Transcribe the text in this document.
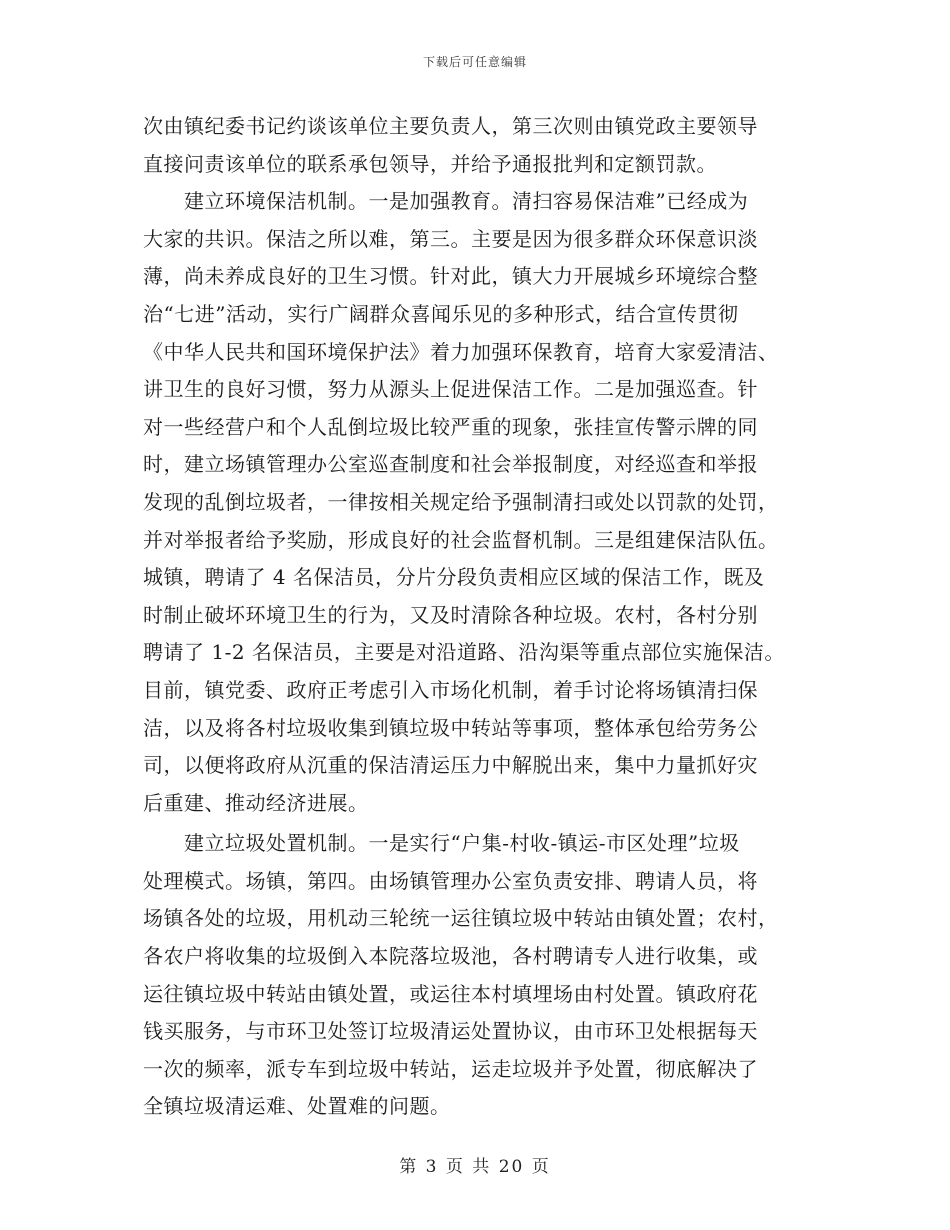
下载后可任意编辑
次由镇纪委书记约谈该单位主要负责人，第三次则由镇党政主要领导
直接问责该单位的联系承包领导，并给予通报批判和定额罚款。
　　建立环境保洁机制。一是加强教育。清扫容易保洁难”已经成为
大家的共识。保洁之所以难，第三。主要是因为很多群众环保意识淡
薄，尚未养成良好的卫生习惯。针对此，镇大力开展城乡环境综合整
治“七进”活动，实行广阔群众喜闻乐见的多种形式，结合宣传贯彻
《中华人民共和国环境保护法》着力加强环保教育，培育大家爱清洁、
讲卫生的良好习惯，努力从源头上促进保洁工作。二是加强巡查。针
对一些经营户和个人乱倒垃圾比较严重的现象，张挂宣传警示牌的同
时，建立场镇管理办公室巡查制度和社会举报制度，对经巡查和举报
发现的乱倒垃圾者，一律按相关规定给予强制清扫或处以罚款的处罚，
并对举报者给予奖励，形成良好的社会监督机制。三是组建保洁队伍。
城镇，聘请了 4 名保洁员，分片分段负责相应区域的保洁工作，既及
时制止破坏环境卫生的行为，又及时清除各种垃圾。农村，各村分别
聘请了 1-2 名保洁员，主要是对沿道路、沿沟渠等重点部位实施保洁。
目前，镇党委、政府正考虑引入市场化机制，着手讨论将场镇清扫保
洁，以及将各村垃圾收集到镇垃圾中转站等事项，整体承包给劳务公
司，以便将政府从沉重的保洁清运压力中解脱出来，集中力量抓好灾
后重建、推动经济进展。
　　建立垃圾处置机制。一是实行“户集-村收-镇运-市区处理”垃圾
处理模式。场镇，第四。由场镇管理办公室负责安排、聘请人员，将
场镇各处的垃圾，用机动三轮统一运往镇垃圾中转站由镇处置；农村，
各农户将收集的垃圾倒入本院落垃圾池，各村聘请专人进行收集，或
运往镇垃圾中转站由镇处置，或运往本村填埋场由村处置。镇政府花
钱买服务，与市环卫处签订垃圾清运处置协议，由市环卫处根据每天
一次的频率，派专车到垃圾中转站，运走垃圾并予处置，彻底解决了
全镇垃圾清运难、处置难的问题。
第 3 页 共 20 页
